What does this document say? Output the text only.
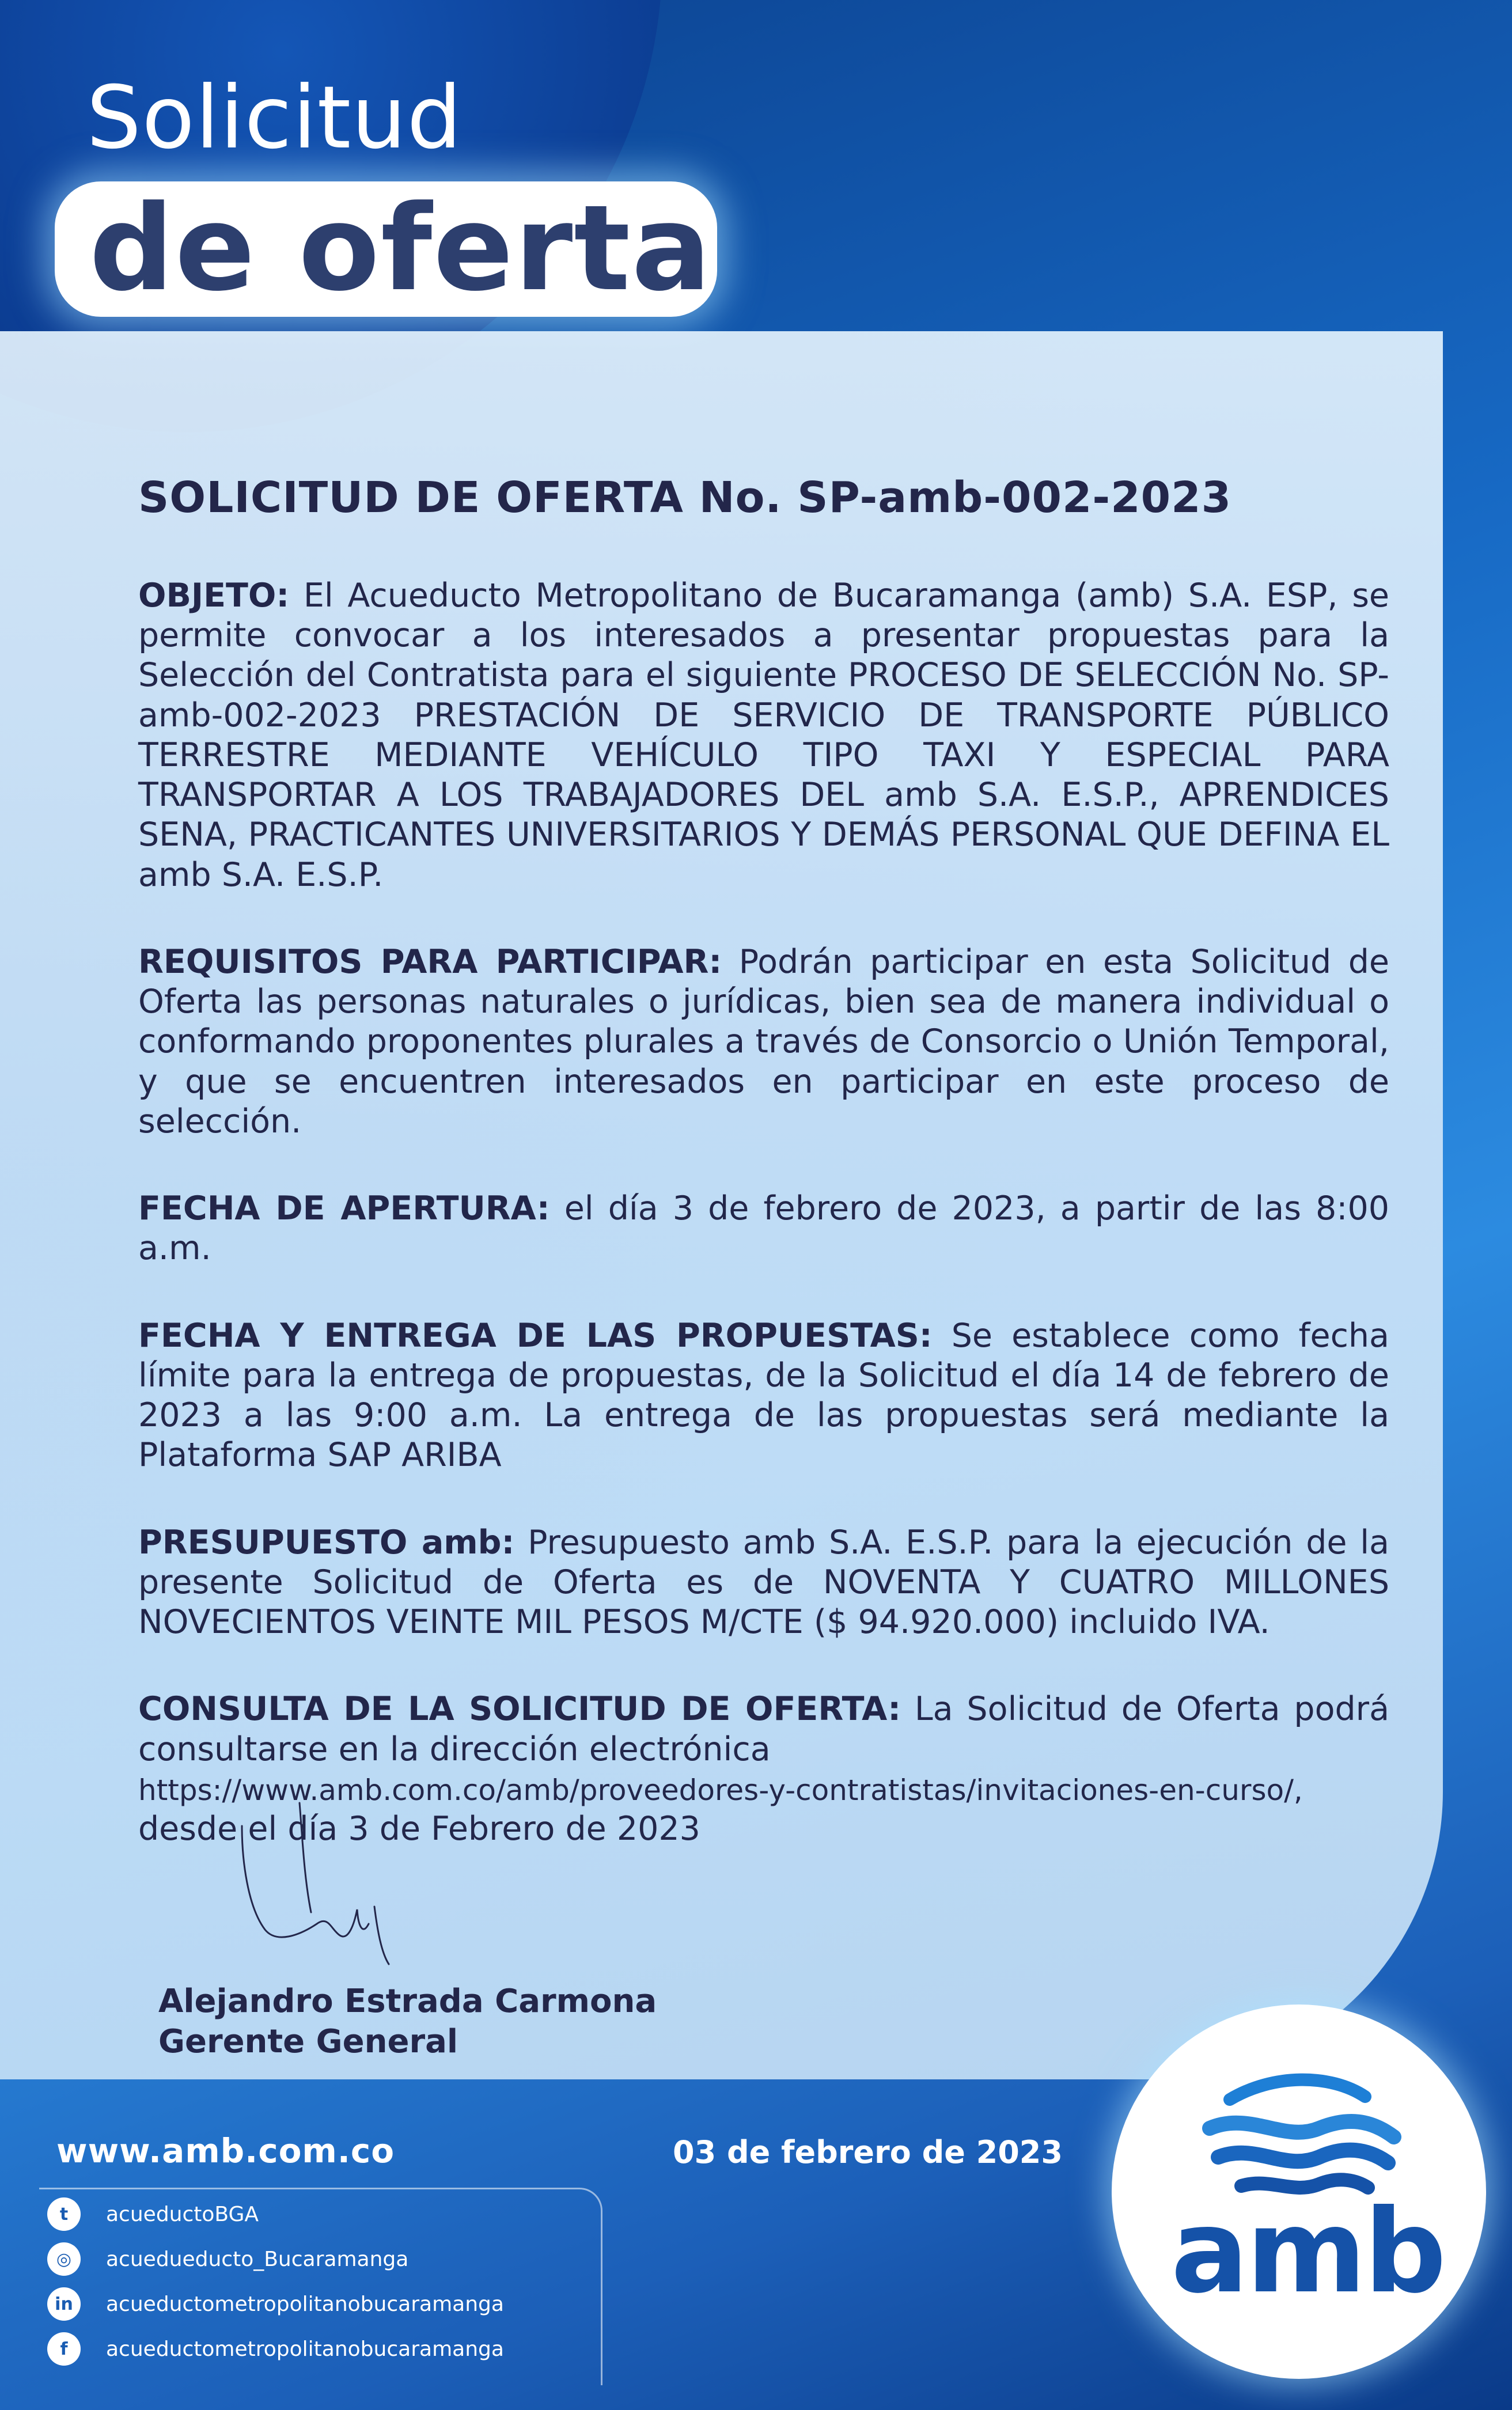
Solicitud
de oferta
SOLICITUD DE OFERTA No. SP-amb-002-2023

OBJETO: El Acueducto Metropolitano de Bucaramanga (amb) S.A. ESP, se permite convocar a los interesados a presentar propuestas para la Selección del Contratista para el siguiente PROCESO DE SELECCIÓN No. SP-amb-002-2023 PRESTACIÓN DE SERVICIO DE TRANSPORTE PÚBLICO TERRESTRE MEDIANTE VEHÍCULO TIPO TAXI Y ESPECIAL PARA TRANSPORTAR A LOS TRABAJADORES DEL amb S.A. E.S.P., APRENDICES SENA, PRACTICANTES UNIVERSITARIOS Y DEMÁS PERSONAL QUE DEFINA EL amb S.A. E.S.P.

REQUISITOS PARA PARTICIPAR: Podrán participar en esta Solicitud de Oferta las personas naturales o jurídicas, bien sea de manera individual o conformando proponentes plurales a través de Consorcio o Unión Temporal, y que se encuentren interesados en participar en este proceso de selección.

FECHA DE APERTURA: el día 3 de febrero de 2023, a partir de las 8:00 a.m.

FECHA Y ENTREGA DE LAS PROPUESTAS: Se establece como fecha límite para la entrega de propuestas, de la Solicitud el día 14 de febrero de 2023 a las 9:00 a.m. La entrega de las propuestas será mediante la Plataforma SAP ARIBA

PRESUPUESTO amb: Presupuesto amb S.A. E.S.P. para la ejecución de la presente Solicitud de Oferta es de NOVENTA Y CUATRO MILLONES NOVECIENTOS VEINTE MIL PESOS M/CTE ($ 94.920.000) incluido IVA.

CONSULTA DE LA SOLICITUD DE OFERTA: La Solicitud de Oferta podrá consultarse en la dirección electrónica
https://www.amb.com.co/amb/proveedores-y-contratistas/invitaciones-en-curso/,
desde el día 3 de Febrero de 2023

Alejandro Estrada Carmona
Gerente General
www.amb.com.co	03 de febrero de 2023
t	acueductoBGA
◎	acuedueducto_Bucaramanga
in	acueductometropolitanobucaramanga
f	acueductometropolitanobucaramanga
amb
